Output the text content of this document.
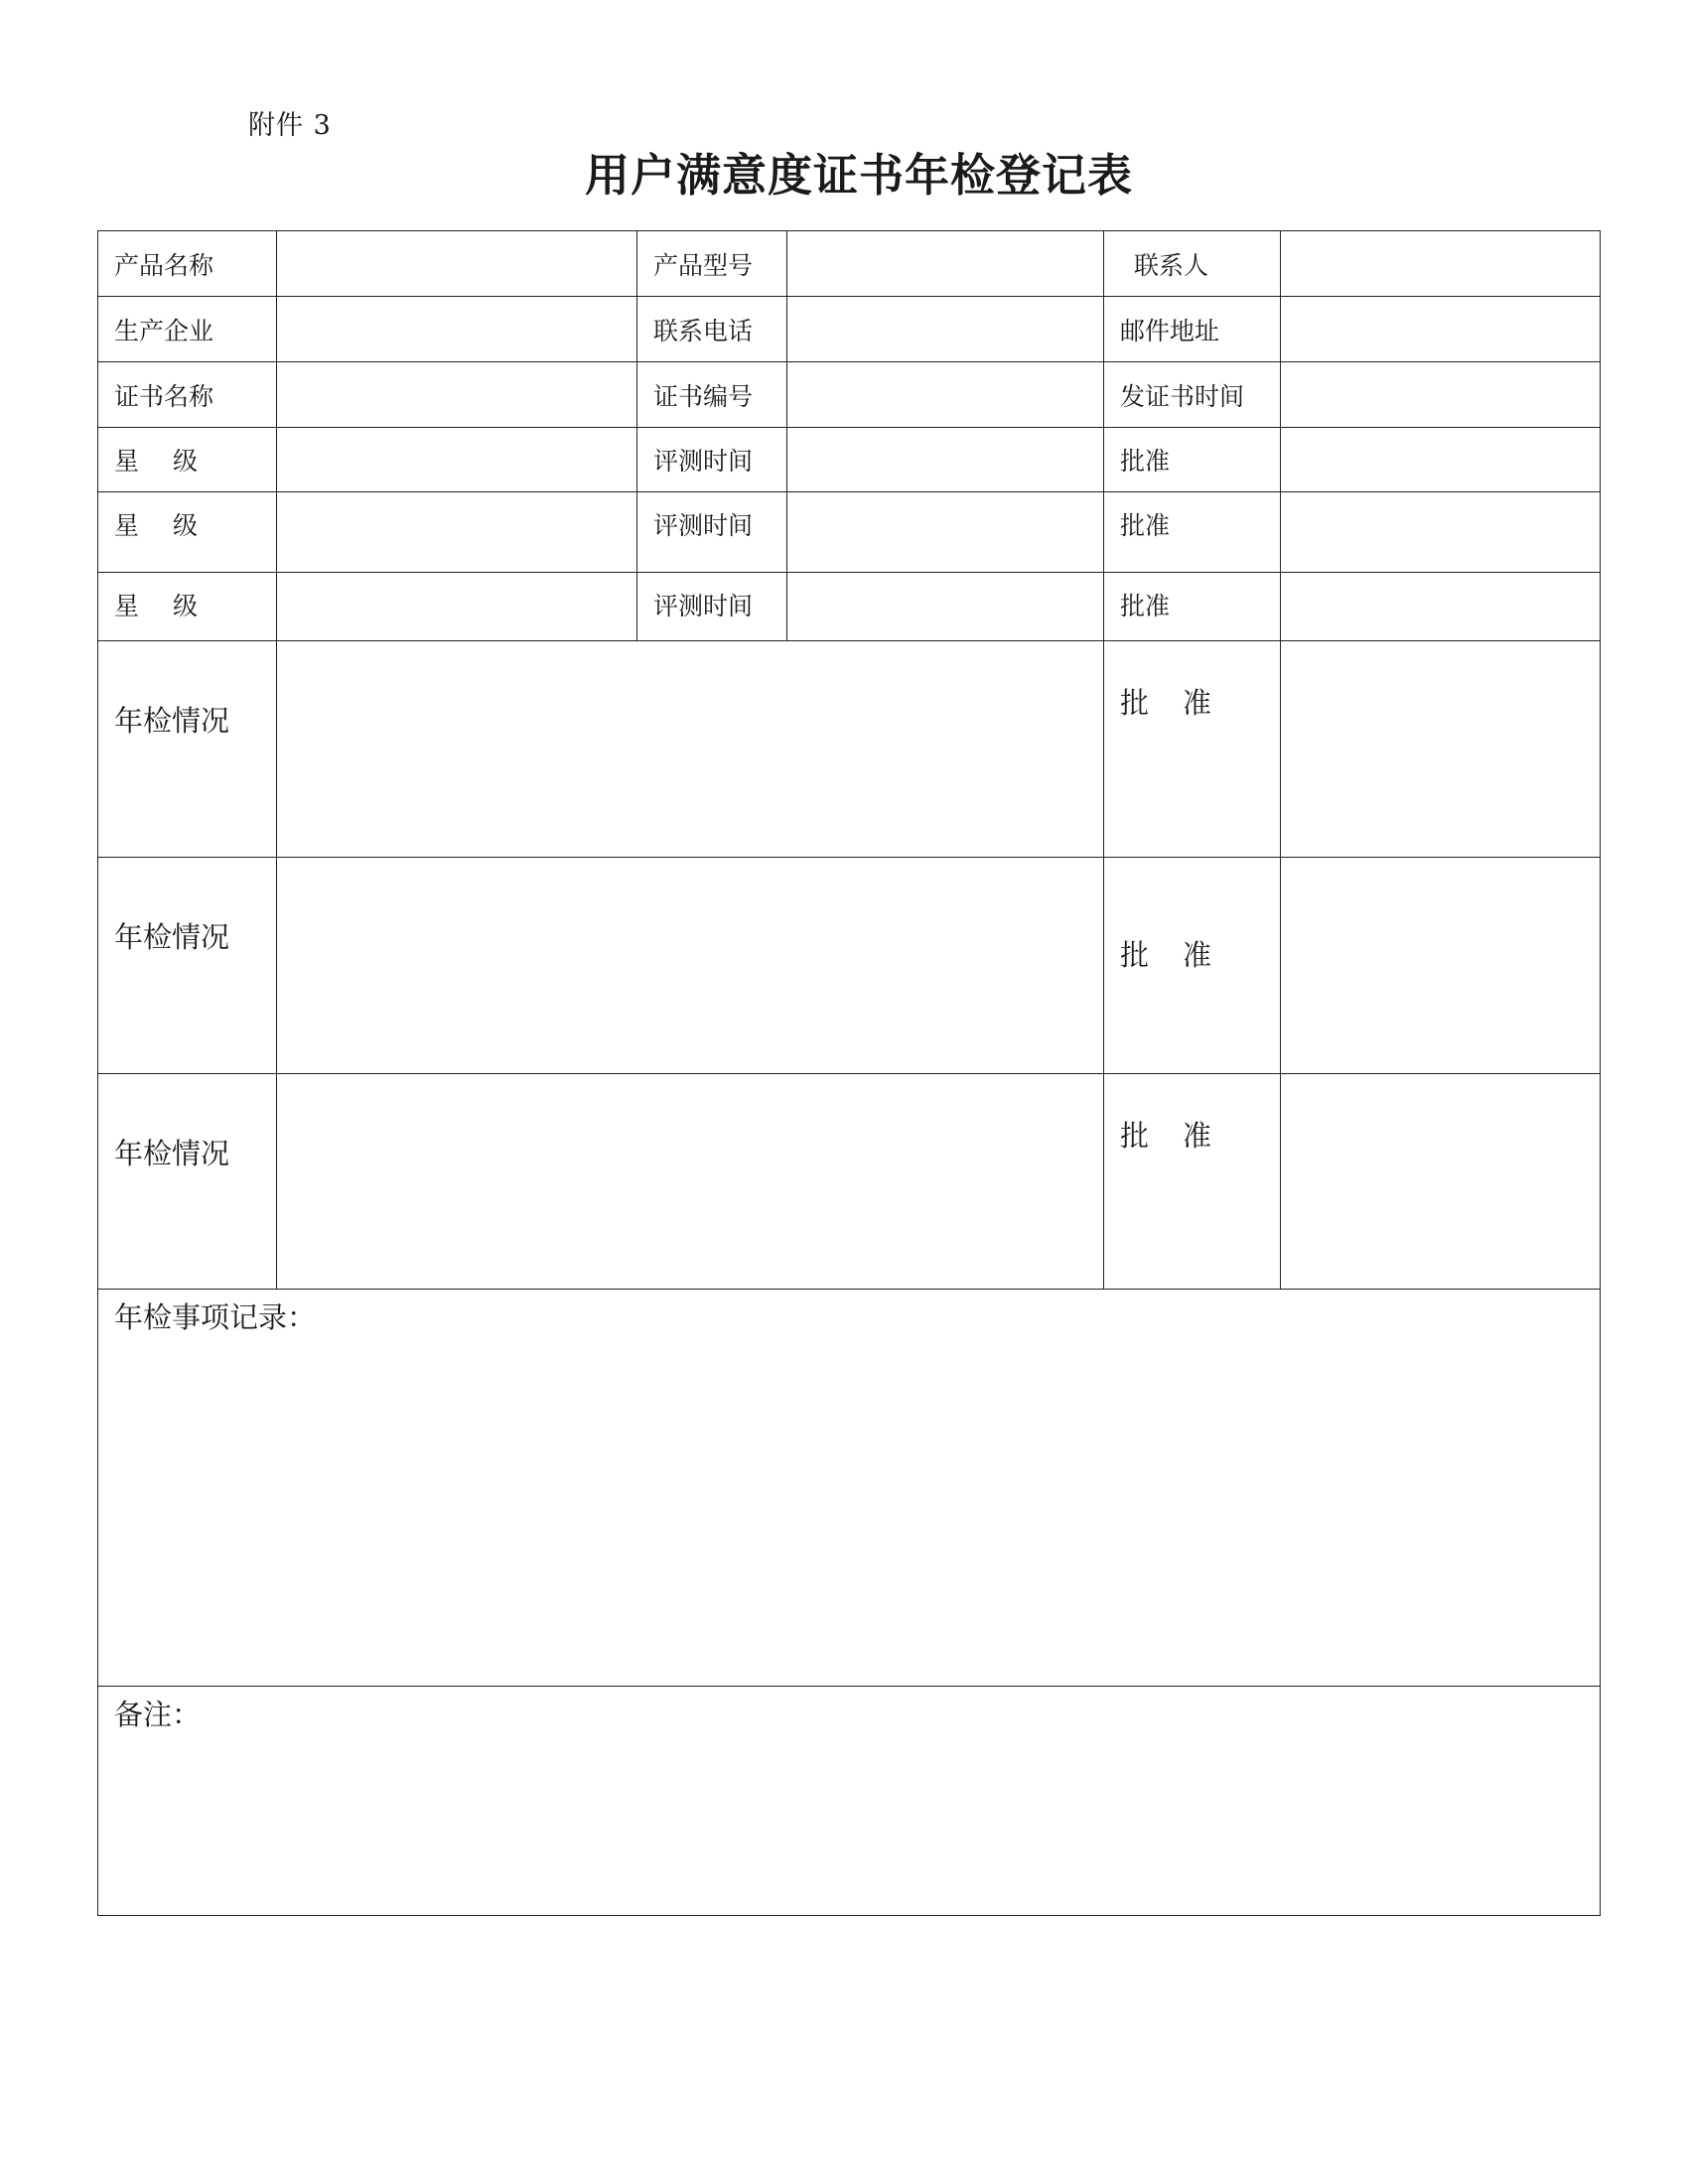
附件 3
用户满意度证书年检登记表
产品名称		产品型号		联系人	
生产企业		联系电话		邮件地址	
证书名称		证书编号		发证书时间	
星级		评测时间		批准	
星级		评测时间		批准	
星级		评测时间		批准	
年检情况				批准	
年检情况				批准	
年检情况				批准	
年检事项记录：					
备注：					
